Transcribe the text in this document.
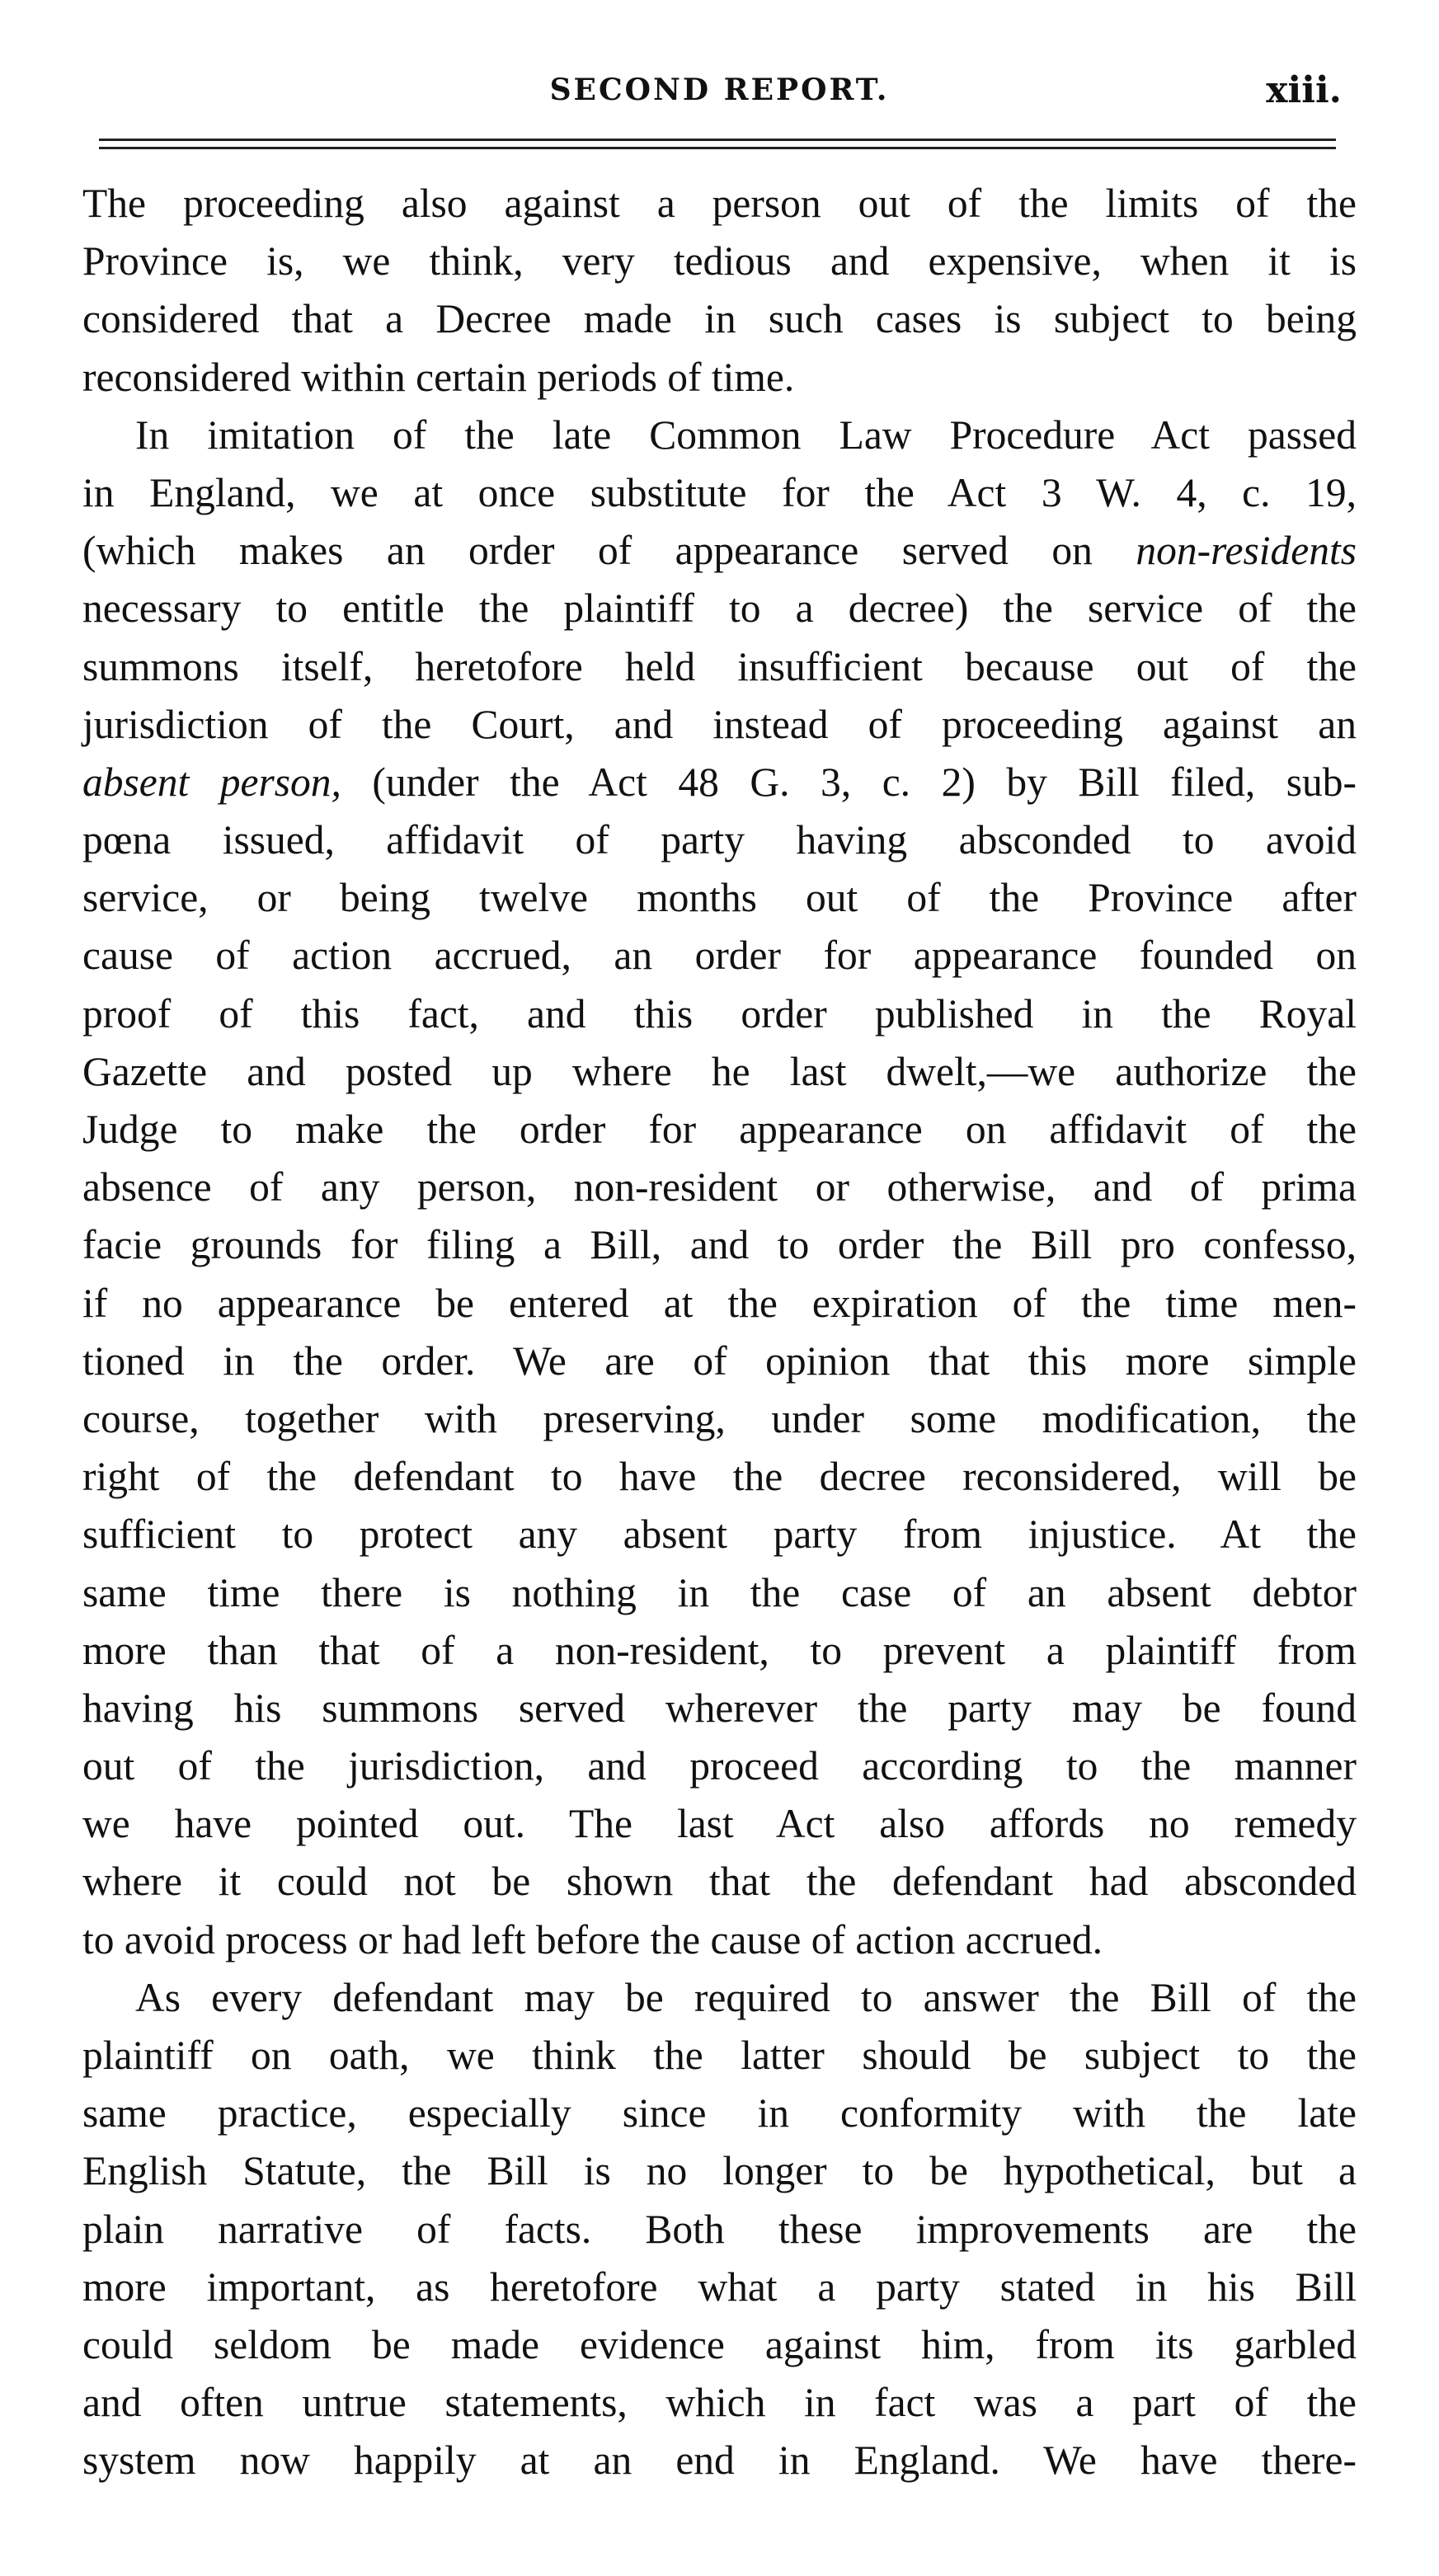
SECOND REPORT.	xiii.
The proceeding also against a person out of the limits of the
Province is, we think, very tedious and expensive, when it is
considered that a Decree made in such cases is subject to being
reconsidered within certain periods of time.
In imitation of the late Common Law Procedure Act passed
in England, we at once substitute for the Act 3 W. 4, c. 19,
(which makes an order of appearance served on non-residents
necessary to entitle the plaintiff to a decree) the service of the
summons itself, heretofore held insufficient because out of the
jurisdiction of the Court, and instead of proceeding against an
absent person, (under the Act 48 G. 3, c. 2) by Bill filed, sub-
pœna issued, affidavit of party having absconded to avoid
service, or being twelve months out of the Province after
cause of action accrued, an order for appearance founded on
proof of this fact, and this order published in the Royal
Gazette and posted up where he last dwelt,—we authorize the
Judge to make the order for appearance on affidavit of the
absence of any person, non-resident or otherwise, and of prima
facie grounds for filing a Bill, and to order the Bill pro confesso,
if no appearance be entered at the expiration of the time men-
tioned in the order. We are of opinion that this more simple
course, together with preserving, under some modification, the
right of the defendant to have the decree reconsidered, will be
sufficient to protect any absent party from injustice. At the
same time there is nothing in the case of an absent debtor
more than that of a non-resident, to prevent a plaintiff from
having his summons served wherever the party may be found
out of the jurisdiction, and proceed according to the manner
we have pointed out. The last Act also affords no remedy
where it could not be shown that the defendant had absconded
to avoid process or had left before the cause of action accrued.
As every defendant may be required to answer the Bill of the
plaintiff on oath, we think the latter should be subject to the
same practice, especially since in conformity with the late
English Statute, the Bill is no longer to be hypothetical, but a
plain narrative of facts. Both these improvements are the
more important, as heretofore what a party stated in his Bill
could seldom be made evidence against him, from its garbled
and often untrue statements, which in fact was a part of the
system now happily at an end in England. We have there-
